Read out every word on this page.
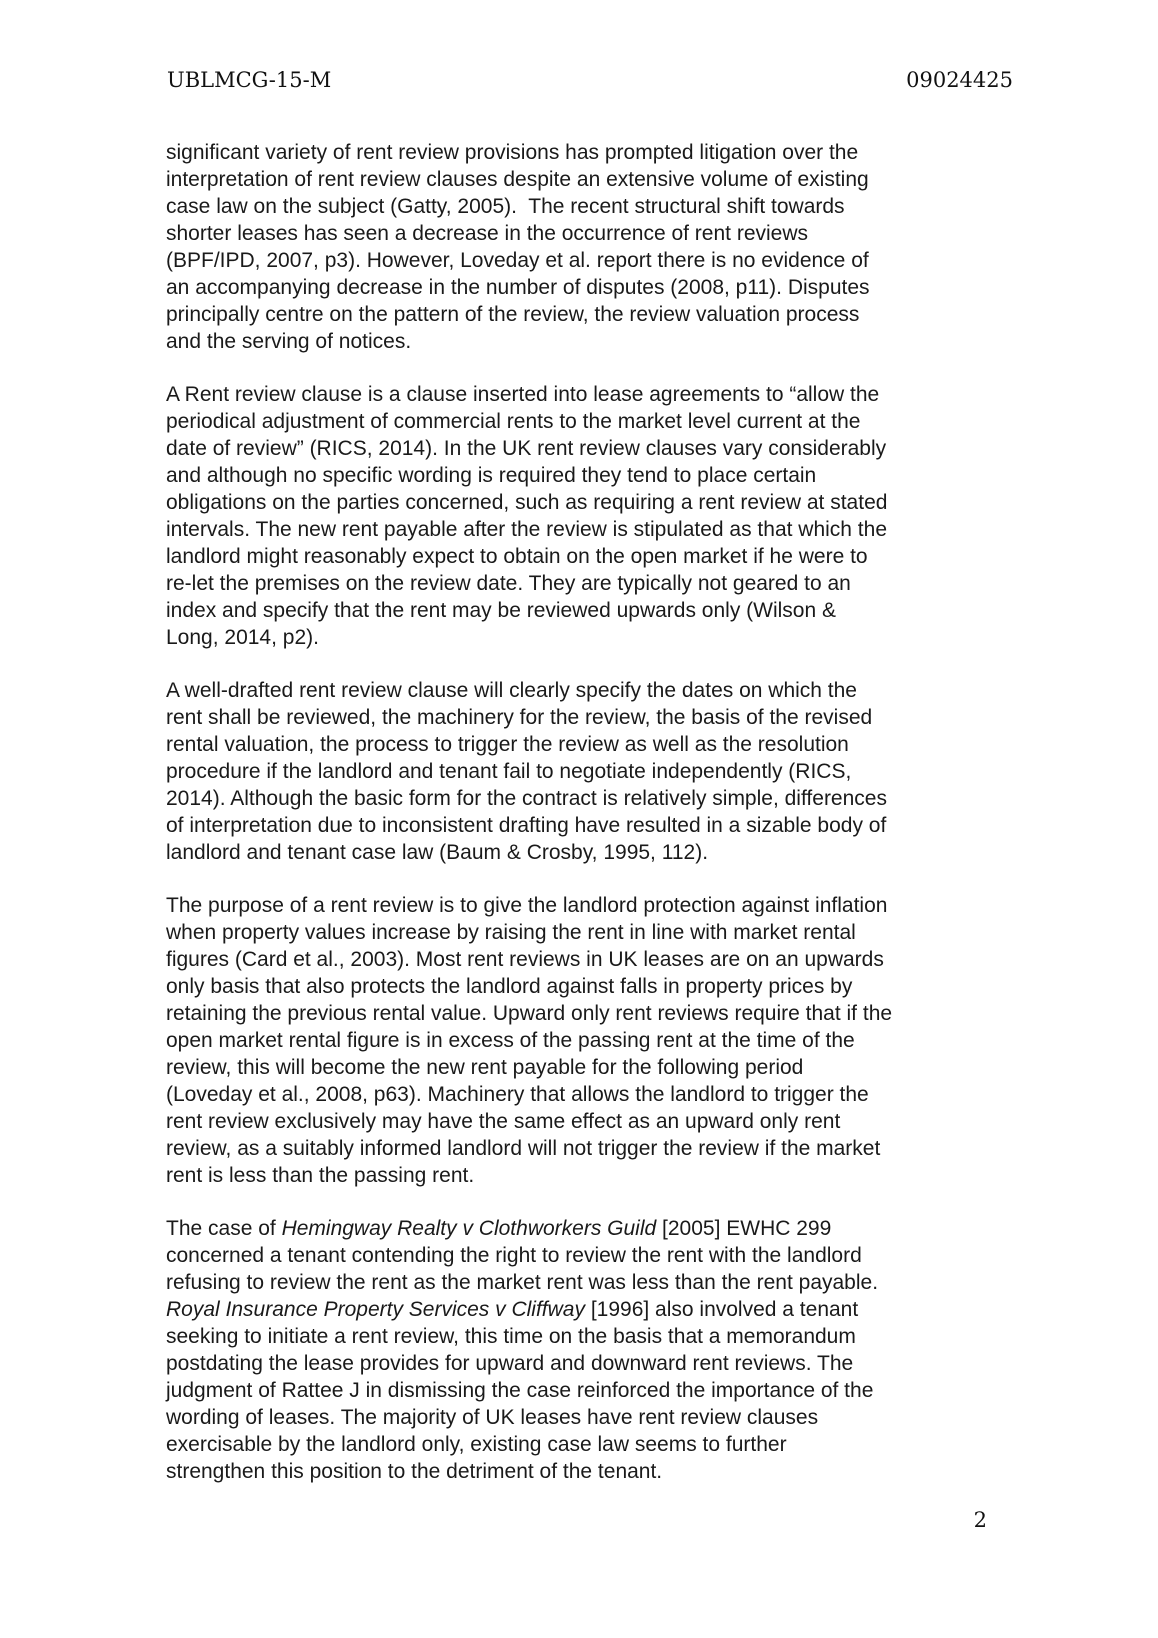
UBLMCG-15-M	09024425
significant variety of rent review provisions has prompted litigation over the
interpretation of rent review clauses despite an extensive volume of existing
case law on the subject (Gatty, 2005).  The recent structural shift towards
shorter leases has seen a decrease in the occurrence of rent reviews
(BPF/IPD, 2007, p3). However, Loveday et al. report there is no evidence of
an accompanying decrease in the number of disputes (2008, p11). Disputes
principally centre on the pattern of the review, the review valuation process
and the serving of notices.
A Rent review clause is a clause inserted into lease agreements to “allow the
periodical adjustment of commercial rents to the market level current at the
date of review” (RICS, 2014). In the UK rent review clauses vary considerably
and although no specific wording is required they tend to place certain
obligations on the parties concerned, such as requiring a rent review at stated
intervals. The new rent payable after the review is stipulated as that which the
landlord might reasonably expect to obtain on the open market if he were to
re-let the premises on the review date. They are typically not geared to an
index and specify that the rent may be reviewed upwards only (Wilson &
Long, 2014, p2).
A well-drafted rent review clause will clearly specify the dates on which the
rent shall be reviewed, the machinery for the review, the basis of the revised
rental valuation, the process to trigger the review as well as the resolution
procedure if the landlord and tenant fail to negotiate independently (RICS,
2014). Although the basic form for the contract is relatively simple, differences
of interpretation due to inconsistent drafting have resulted in a sizable body of
landlord and tenant case law (Baum & Crosby, 1995, 112).
The purpose of a rent review is to give the landlord protection against inflation
when property values increase by raising the rent in line with market rental
figures (Card et al., 2003). Most rent reviews in UK leases are on an upwards
only basis that also protects the landlord against falls in property prices by
retaining the previous rental value. Upward only rent reviews require that if the
open market rental figure is in excess of the passing rent at the time of the
review, this will become the new rent payable for the following period
(Loveday et al., 2008, p63). Machinery that allows the landlord to trigger the
rent review exclusively may have the same effect as an upward only rent
review, as a suitably informed landlord will not trigger the review if the market
rent is less than the passing rent.
The case of Hemingway Realty v Clothworkers Guild [2005] EWHC 299
concerned a tenant contending the right to review the rent with the landlord
refusing to review the rent as the market rent was less than the rent payable.
Royal Insurance Property Services v Cliffway [1996] also involved a tenant
seeking to initiate a rent review, this time on the basis that a memorandum
postdating the lease provides for upward and downward rent reviews. The
judgment of Rattee J in dismissing the case reinforced the importance of the
wording of leases. The majority of UK leases have rent review clauses
exercisable by the landlord only, existing case law seems to further
strengthen this position to the detriment of the tenant.
2
